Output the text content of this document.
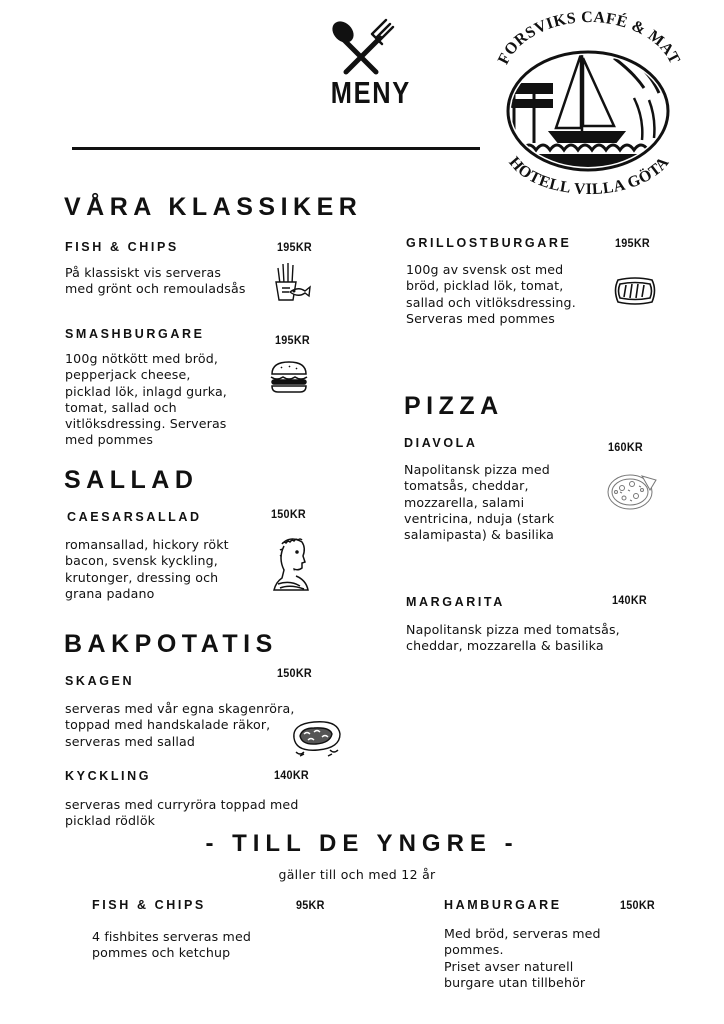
MENY
FORSVIKS CAFÉ & MAT
HOTELL VILLA GÖTA
VÅRA KLASSIKER
FISH & CHIPS	195KR
På klassiskt vis serveras
med grönt och remouladsås
SMASHBURGARE	195KR
100g nötkött med bröd,
pepperjack cheese,
picklad lök, inlagd gurka,
tomat, sallad och
vitlöksdressing. Serveras
med pommes
GRILLOSTBURGARE	195KR
100g av svensk ost med
bröd, picklad lök, tomat,
sallad och vitlöksdressing.
Serveras med pommes
SALLAD
CAESARSALLAD	150KR
romansallad, hickory rökt
bacon, svensk kyckling,
krutonger, dressing och
grana padano
BAKPOTATIS
SKAGEN
150KR
serveras med vår egna skagenröra,
toppad med handskalade räkor,
serveras med sallad
KYCKLING	140KR
serveras med curryröra toppad med
picklad rödlök
PIZZA
DIAVOLA	160KR
Napolitansk pizza med
tomatsås, cheddar,
mozzarella, salami
ventricina, nduja (stark
salamipasta) & basilika
MARGARITA	140KR
Napolitansk pizza med tomatsås,
cheddar, mozzarella & basilika
- TILL DE YNGRE -
gäller till och med 12 år
FISH & CHIPS	95KR
4 fishbites serveras med
pommes och ketchup
HAMBURGARE	150KR
Med bröd, serveras med
pommes.
Priset avser naturell
burgare utan tillbehör
